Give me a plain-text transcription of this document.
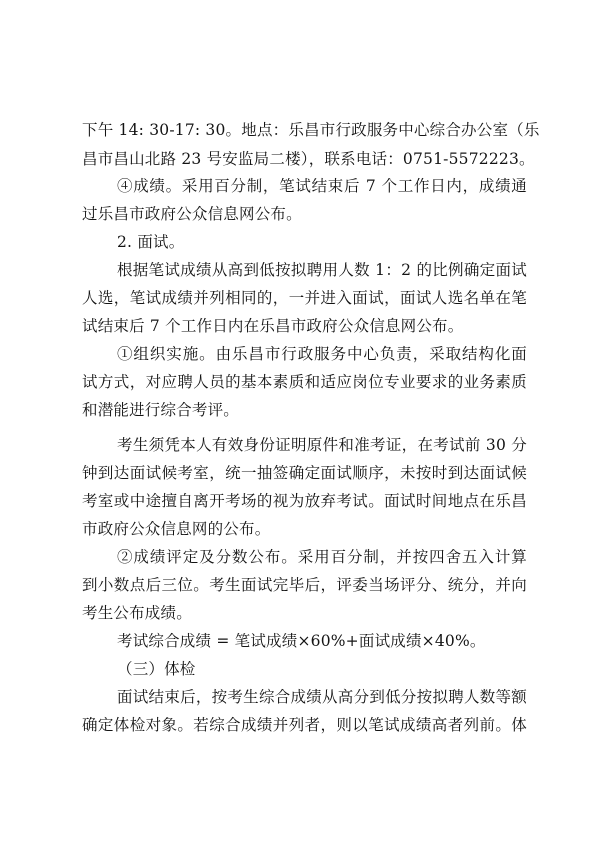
下午 14: 30-17: 30。地点：乐昌市行政服务中心综合办公室（乐
昌市昌山北路 23 号安监局二楼），联系电话：0751-5572223。
④成绩。采用百分制，笔试结束后 7 个工作日内，成绩通
过乐昌市政府公众信息网公布。
2. 面试。
根据笔试成绩从高到低按拟聘用人数 1：2 的比例确定面试
人选，笔试成绩并列相同的，一并进入面试，面试人选名单在笔
试结束后 7 个工作日内在乐昌市政府公众信息网公布。
①组织实施。由乐昌市行政服务中心负责，采取结构化面
试方式，对应聘人员的基本素质和适应岗位专业要求的业务素质
和潜能进行综合考评。
考生须凭本人有效身份证明原件和准考证，在考试前 30 分
钟到达面试候考室，统一抽签确定面试顺序，未按时到达面试候
考室或中途擅自离开考场的视为放弃考试。面试时间地点在乐昌
市政府公众信息网的公布。
②成绩评定及分数公布。采用百分制，并按四舍五入计算
到小数点后三位。考生面试完毕后，评委当场评分、统分，并向
考生公布成绩。
考试综合成绩 = 笔试成绩×60%+面试成绩×40%。
（三）体检
面试结束后，按考生综合成绩从高分到低分按拟聘人数等额
确定体检对象。若综合成绩并列者，则以笔试成绩高者列前。体
